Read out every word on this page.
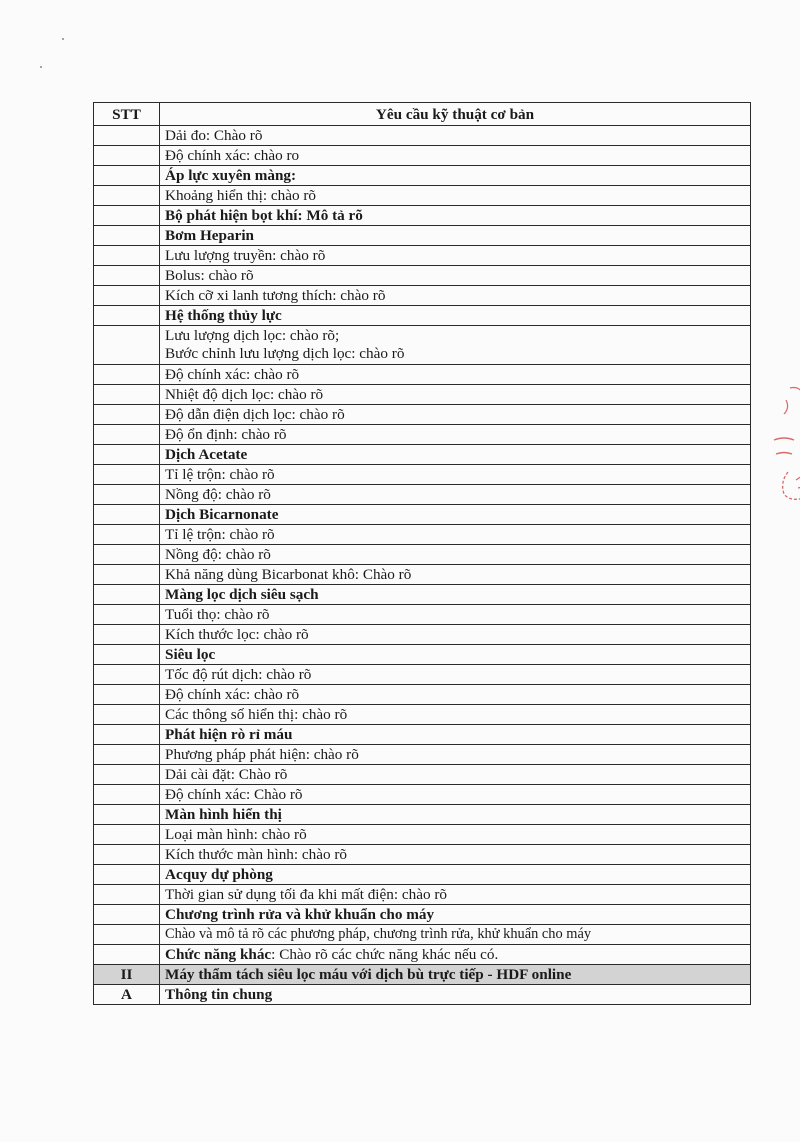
STT	Yêu cầu kỹ thuật cơ bản
	Dải đo: Chào rõ
	Độ chính xác: chào ro
	Áp lực xuyên màng:
	Khoảng hiển thị: chào rõ
	Bộ phát hiện bọt khí: Mô tả rõ
	Bơm Heparin
	Lưu lượng truyền: chào rõ
	Bolus: chào rõ
	Kích cỡ xi lanh tương thích: chào rõ
	Hệ thống thủy lực

	Lưu lượng dịch lọc: chào rõ;
Bước chỉnh lưu lượng dịch lọc: chào rõ

	Độ chính xác: chào rõ
	Nhiệt độ dịch lọc: chào rõ
	Độ dẫn điện dịch lọc: chào rõ
	Độ ổn định: chào rõ
	Dịch Acetate
	Tỉ lệ trộn: chào rõ
	Nồng độ: chào rõ
	Dịch Bicarnonate
	Tỉ lệ trộn: chào rõ
	Nồng độ: chào rõ
	Khả năng dùng Bicarbonat khô: Chào rõ
	Màng lọc dịch siêu sạch
	Tuổi thọ: chào rõ
	Kích thước lọc: chào rõ
	Siêu lọc
	Tốc độ rút dịch: chào rõ
	Độ chính xác: chào rõ
	Các thông số hiển thị: chào rõ
	Phát hiện rò rỉ máu
	Phương pháp phát hiện: chào rõ
	Dải cài đặt: Chào rõ
	Độ chính xác: Chào rõ
	Màn hình hiển thị
	Loại màn hình: chào rõ
	Kích thước màn hình: chào rõ
	Acquy dự phòng
	Thời gian sử dụng tối đa khi mất điện: chào rõ
	Chương trình rửa và khử khuẩn cho máy
	Chào và mô tả rõ các phương pháp, chương trình rửa, khử khuẩn cho máy
	Chức năng khác: Chào rõ các chức năng khác nếu có.
II	Máy thẩm tách siêu lọc máu với dịch bù trực tiếp - HDF online
A	Thông tin chung
